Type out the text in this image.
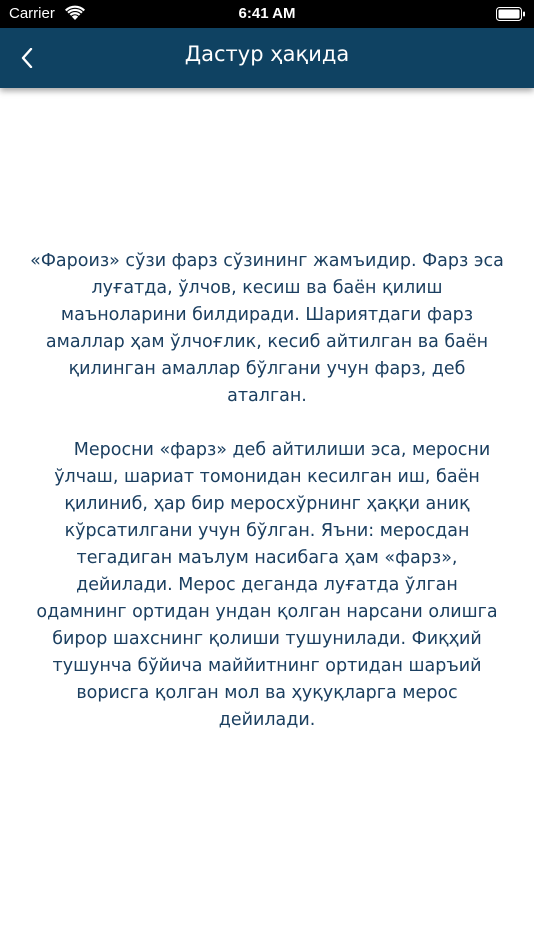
Carrier	6:41 AM
Дастур ҳақида

«Фароиз» сўзи фарз сўзининг жамъидир. Фарз эса луғатда, ўлчов, кесиш ва баён қилиш маъноларини билдиради. Шариятдаги фарз амаллар ҳам ўлчоғлик, кесиб айтилган ва баён қилинган амаллар бўлгани учун фарз, деб аталган.

Меросни «фарз» деб айтилиши эса, меросни ўлчаш, шариат томонидан кесилган иш, баён қилиниб, ҳар бир меросхўрнинг ҳаққи аниқ кўрсатилгани учун бўлган. Яъни: меросдан тегадиган маълум насибага ҳам «фарз», дейилади. Мерос деганда луғатда ўлган одамнинг ортидан ундан қолган нарсани олишга бирор шахснинг қолиши тушунилади. Фиқҳий тушунча бўйича маййитнинг ортидан шаръий ворисга қолган мол ва ҳуқуқларга мерос дейилади.
